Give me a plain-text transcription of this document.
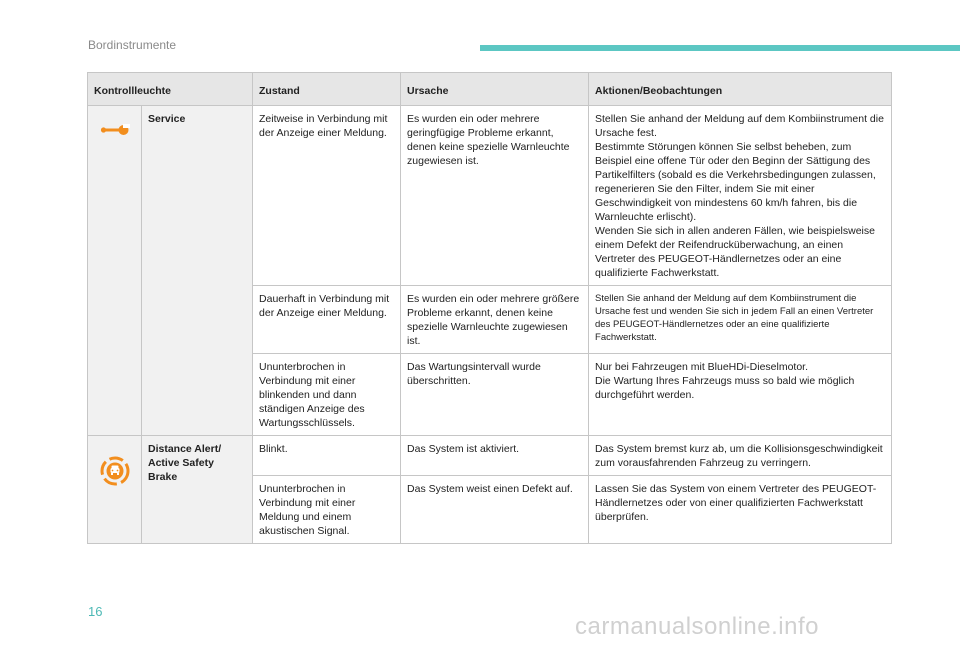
Bordinstrumente
Kontrollleuchte		Zustand	Ursache	Aktionen/Beobachtungen

	Service	Zeitweise in Verbindung mit der Anzeige einer Meldung.	Es wurden ein oder mehrere geringfügige Probleme erkannt, denen keine spezielle Warnleuchte zugewiesen ist.	Stellen Sie anhand der Meldung auf dem Kombiinstrument die Ursache fest.
Bestimmte Störungen können Sie selbst beheben, zum Beispiel eine offene Tür oder den Beginn der Sättigung des Partikelfilters (sobald es die Verkehrsbedingungen zulassen, regenerieren Sie den Filter, indem Sie mit einer Geschwindigkeit von mindestens 60 km/h fahren, bis die Warnleuchte erlischt).
Wenden Sie sich in allen anderen Fällen, wie beispielsweise einem Defekt der Reifendrucküberwachung, an einen Vertreter des PEUGEOT-Händlernetzes oder an eine qualifizierte Fachwerkstatt.

		Dauerhaft in Verbindung mit der Anzeige einer Meldung.	Es wurden ein oder mehrere größere Probleme erkannt, denen keine spezielle Warnleuchte zugewiesen ist.	Stellen Sie anhand der Meldung auf dem Kombiinstrument die Ursache fest und wenden Sie sich in jedem Fall an einen Vertreter des PEUGEOT-Händlernetzes oder an eine qualifizierte Fachwerkstatt.

		Ununterbrochen in Verbindung mit einer blinkenden und dann ständigen Anzeige des Wartungsschlüssels.	Das Wartungsintervall wurde überschritten.	Nur bei Fahrzeugen mit BlueHDi-Dieselmotor.
Die Wartung Ihres Fahrzeugs muss so bald wie möglich durchgeführt werden.

	Distance Alert/ Active Safety Brake	Blinkt.	Das System ist aktiviert.	Das System bremst kurz ab, um die Kollisionsgeschwindigkeit zum vorausfahrenden Fahrzeug zu verringern.
		Ununterbrochen in Verbindung mit einer Meldung und einem akustischen Signal.	Das System weist einen Defekt auf.	Lassen Sie das System von einem Vertreter des PEUGEOT-Händlernetzes oder von einer qualifizierten Fachwerkstatt überprüfen.
16
carmanualsonline.info
